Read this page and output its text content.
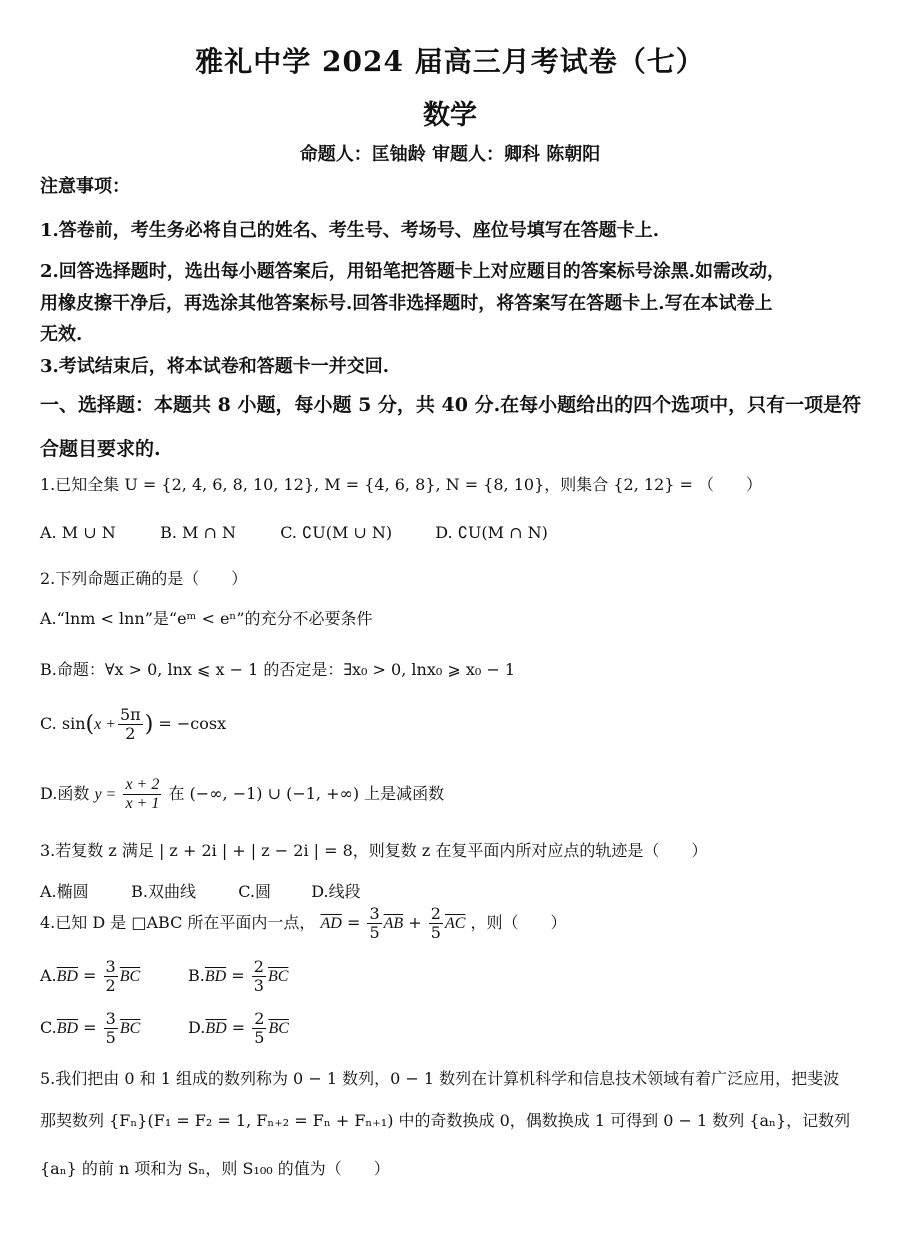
雅礼中学 2024 届高三月考试卷（七）
数学
命题人：匡铀龄 审题人：卿科 陈朝阳
注意事项：
1.答卷前，考生务必将自己的姓名、考生号、考场号、座位号填写在答题卡上.
2.回答选择题时，选出每小题答案后，用铅笔把答题卡上对应题目的答案标号涂黑.如需改动，
用橡皮擦干净后，再选涂其他答案标号.回答非选择题时，将答案写在答题卡上.写在本试卷上
无效.
3.考试结束后，将本试卷和答题卡一并交回.
一、选择题：本题共 8 小题，每小题 5 分，共 40 分.在每小题给出的四个选项中，只有一项是符
合题目要求的.
1.已知全集 U = {2, 4, 6, 8, 10, 12}, M = {4, 6, 8}, N = {8, 10}，则集合 {2, 12} = （　　）
A. M ∪ N	B. M ∩ N	C. ∁U(M ∪ N)	D. ∁U(M ∩ N)
2.下列命题正确的是（　　）
A.“lnm < lnn”是“eᵐ < eⁿ”的充分不必要条件
B.命题：∀x > 0, lnx ⩽ x − 1 的否定是：∃x₀ > 0, lnx₀ ⩾ x₀ − 1
C. $\sin(x + \frac{5\pi}{2}$ ) = −cosx
D.函数 $y = \frac{x + 2}{x + 1}$ 在 (−∞, −1) ∪ (−1, +∞) 上是减函数
3.若复数 z 满足 | z + 2i | + | z − 2i | = 8，则复数 z 在复平面内所对应点的轨迹是（　　）
A.椭圆	B.双曲线	C.圆	D.线段
4.已知 D 是 □ABC 所在平面内一点， $\overline{AD} = \frac{3}{5} \overline{AB} + \frac{2}{5} \overline{AC}$ ，则（　　）
$A.\overline{BD} = \frac{3}{2} \overline{BC}$	$B.\overline{BD} = \frac{2}{3} \overline{BC}$
$C.\overline{BD} = \frac{3}{5} \overline{BC}$	$D.\overline{BD} = \frac{2}{5} \overline{BC}$
5.我们把由 0 和 1 组成的数列称为 0 − 1 数列，0 − 1 数列在计算机科学和信息技术领域有着广泛应用，把斐波
那契数列 {Fₙ}(F₁ = F₂ = 1, Fₙ₊₂ = Fₙ + Fₙ₊₁) 中的奇数换成 0，偶数换成 1 可得到 0 − 1 数列 {aₙ}，记数列
{aₙ} 的前 n 项和为 Sₙ，则 S₁₀₀ 的值为（　　）
